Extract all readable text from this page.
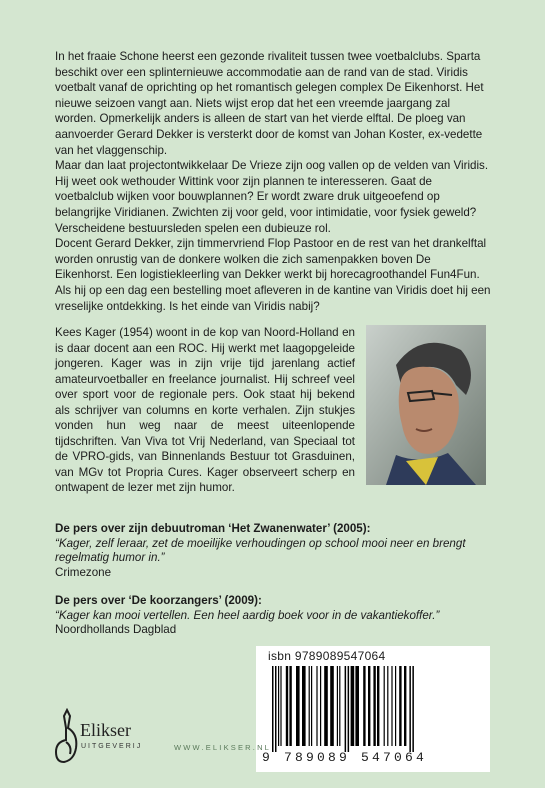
In het fraaie Schone heerst een gezonde rivaliteit tussen twee voetbalclubs. Sparta beschikt over een splinternieuwe accommodatie aan de rand van de stad. Viridis voetbalt vanaf de oprichting op het romantisch gelegen complex De Eikenhorst. Het nieuwe seizoen vangt aan. Niets wijst erop dat het een vreemde jaargang zal worden. Opmerkelijk anders is alleen de start van het vierde elftal. De ploeg van aanvoerder Gerard Dekker is versterkt door de komst van Johan Koster, ex-vedette van het vlaggenschip.

Maar dan laat projectontwikkelaar De Vrieze zijn oog vallen op de velden van Viridis. Hij weet ook wethouder Wittink voor zijn plannen te interesseren. Gaat de voetbalclub wijken voor bouwplannen? Er wordt zware druk uitgeoefend op belangrijke Viridianen. Zwichten zij voor geld, voor intimidatie, voor fysiek geweld? Verscheidene bestuursleden spelen een dubieuze rol.

Docent Gerard Dekker, zijn timmervriend Flop Pastoor en de rest van het drankelftal worden onrustig van de donkere wolken die zich samenpakken boven De Eikenhorst. Een logistiekleerling van Dekker werkt bij horecagroothandel Fun4Fun. Als hij op een dag een bestelling moet afleveren in de kantine van Viridis doet hij een vreselijke ontdekking. Is het einde van Viridis nabij?

Kees Kager (1954) woont in de kop van Noord-Holland en is daar docent aan een ROC. Hij werkt met laagopgeleide jongeren. Kager was in zijn vrije tijd jarenlang actief amateurvoetballer en freelance journalist. Hij schreef veel over sport voor de regionale pers. Ook staat hij bekend als schrijver van columns en korte verhalen. Zijn stukjes vonden hun weg naar de meest uiteenlopende tijdschriften. Van Viva tot Vrij Nederland, van Speciaal tot de VPRO-gids, van Binnenlands Bestuur tot Grasduinen, van MGv tot Propria Cures. Kager observeert scherp en ontwapent de lezer met zijn humor.

De pers over zijn debuutroman ‘Het Zwanenwater’ (2005):
“Kager, zelf leraar, zet de moeilijke verhoudingen op school mooi neer en brengt regelmatig humor in.”
Crimezone
De pers over ‘De koorzangers’ (2009):
“Kager kan mooi vertellen. Een heel aardig boek voor in de vakantiekoffer.”
Noordhollands Dagblad
isbn 9789089547064
9 789089 547064
Elikser
UITGEVERIJ	WWW.ELIKSER.NL
